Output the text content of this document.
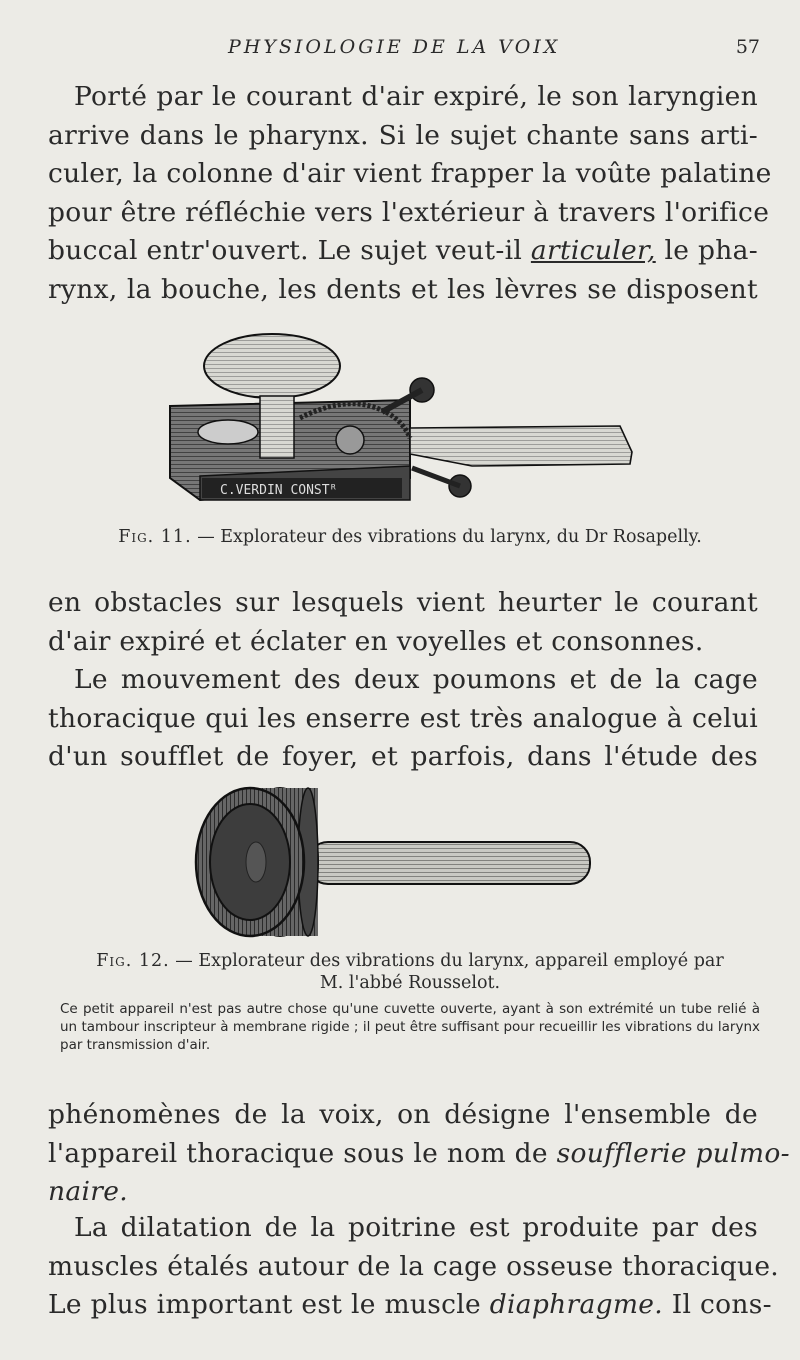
PHYSIOLOGIE DE LA VOIX	57
Porté par le courant d'air expiré, le son laryngien
arrive dans le pharynx. Si le sujet chante sans arti-
culer, la colonne d'air vient frapper la voûte palatine
pour être réfléchie vers l'extérieur à travers l'orifice
buccal entr'ouvert. Le sujet veut-il articuler, le pha-
rynx, la bouche, les dents et les lèvres se disposent
C.VERDIN CONSTᴿ
Fig. 11. — Explorateur des vibrations du larynx, du Dr Rosapelly.
en obstacles sur lesquels vient heurter le courant
d'air expiré et éclater en voyelles et consonnes.
Le mouvement des deux poumons et de la cage
thoracique qui les enserre est très analogue à celui
d'un soufflet de foyer, et parfois, dans l'étude des
Fig. 12. — Explorateur des vibrations du larynx, appareil employé par
M. l'abbé Rousselot.
Ce petit appareil n'est pas autre chose qu'une cuvette ouverte, ayant à son extrémité un tube relié à un tambour inscripteur à membrane rigide ; il peut être suffisant pour recueillir les vibrations du larynx par transmission d'air.
phénomènes de la voix, on désigne l'ensemble de
l'appareil thoracique sous le nom de soufflerie pulmo-
naire.
La dilatation de la poitrine est produite par des
muscles étalés autour de la cage osseuse thoracique.
Le plus important est le muscle diaphragme. Il cons-
